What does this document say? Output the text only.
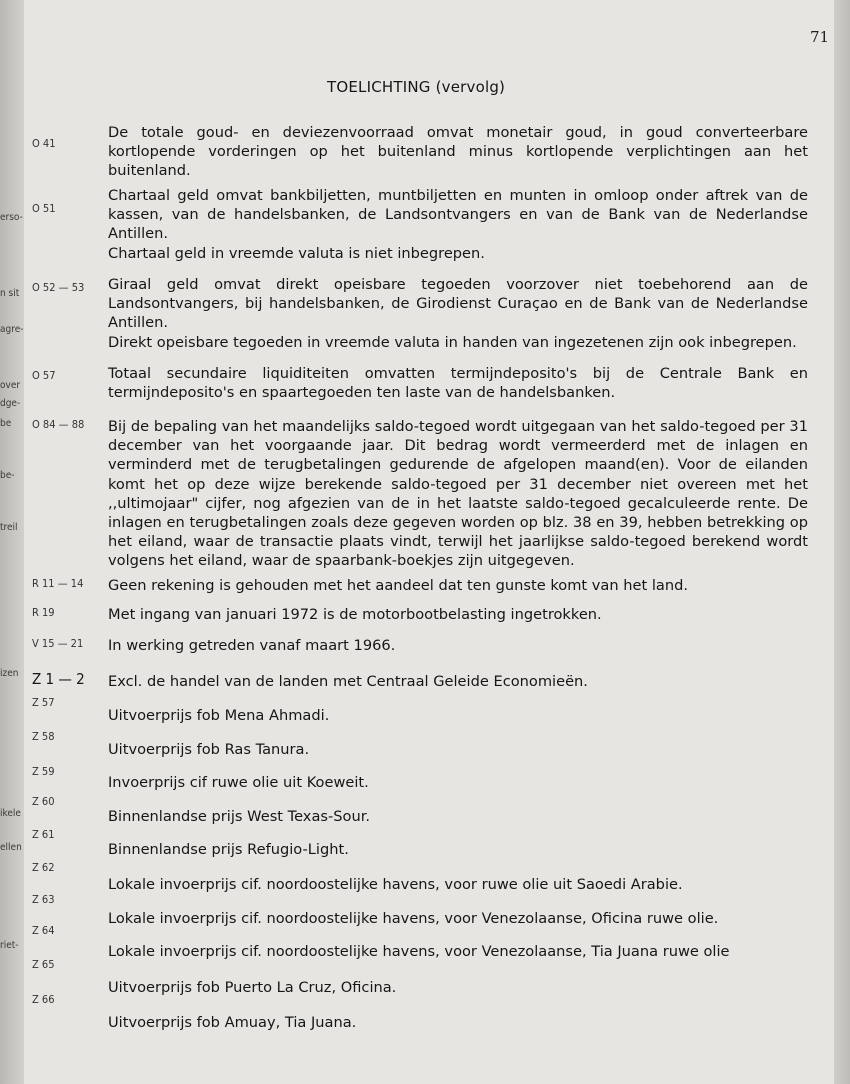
erso-
n sit
agre-
over
dge-
be
be-
treil
izen
ikele
ellen
riet-
71
TOELICHTING (vervolg)
O 41

De totale goud- en deviezenvoorraad omvat monetair goud, in goud converteerbare kortlopende vorderingen op het buitenland minus kortlopende verplichtingen aan het buitenland.

O 51

Chartaal geld omvat bankbiljetten, muntbiljetten en munten in omloop onder aftrek van de kassen, van de handelsbanken, de Landsontvangers en van de Bank van de Nederlandse Antillen.

Chartaal geld in vreemde valuta is niet inbegrepen.

O 52 — 53 Giraal geld omvat direkt opeisbare tegoeden voorzover niet toebehorend aan de Landsontvangers, bij handelsbanken, de Girodienst Curaçao en de Bank van de Nederlandse Antillen.

Direkt opeisbare tegoeden in vreemde valuta in handen van ingezetenen zijn ook inbegrepen.

O 57	Totaal secundaire liquiditeiten omvatten termijndeposito's bij de Centrale Bank en termijndeposito's en spaartegoeden ten laste van de handelsbanken.

O 84 — 88 Bij de bepaling van het maandelijks saldo-tegoed wordt uitgegaan van het saldo-tegoed per 31 december van het voorgaande jaar. Dit bedrag wordt vermeerderd met de inlagen en verminderd met de terugbetalingen gedurende de afgelopen maand(en). Voor de eilanden komt het op deze wijze berekende saldo-tegoed per 31 december niet overeen met het ,,ultimojaar" cijfer, nog afgezien van de in het laatste saldo-tegoed gecalculeerde rente. De inlagen en terugbetalingen zoals deze gegeven worden op blz. 38 en 39, hebben betrekking op het eiland, waar de transactie plaats vindt, terwijl het jaarlijkse saldo-tegoed berekend wordt volgens het eiland, waar de spaarbank-boekjes zijn uitgegeven.

R 11 — 14 Geen rekening is gehouden met het aandeel dat ten gunste komt van het land.

R 19	Met ingang van januari 1972 is de motorbootbelasting ingetrokken.

V 15 — 21 In werking getreden vanaf maart 1966.

Z 1 — 2 Excl. de handel van de landen met Centraal Geleide Economieën.

Z 57

Uitvoerprijs fob Mena Ahmadi.

Z 58

Uitvoerprijs fob Ras Tanura.

Z 59

Invoerprijs cif ruwe olie uit Koeweit.

Z 60

Binnenlandse prijs West Texas-Sour.

Z 61

Binnenlandse prijs Refugio-Light.

Z 62

Lokale invoerprijs cif. noordoostelijke havens, voor ruwe olie uit Saoedi Arabie.

Z 63

Lokale invoerprijs cif. noordoostelijke havens, voor Venezolaanse, Oficina ruwe olie.

Z 64

Lokale invoerprijs cif. noordoostelijke havens, voor Venezolaanse, Tia Juana ruwe olie

Z 65

Uitvoerprijs fob Puerto La Cruz, Oficina.

Z 66

Uitvoerprijs fob Amuay, Tia Juana.
